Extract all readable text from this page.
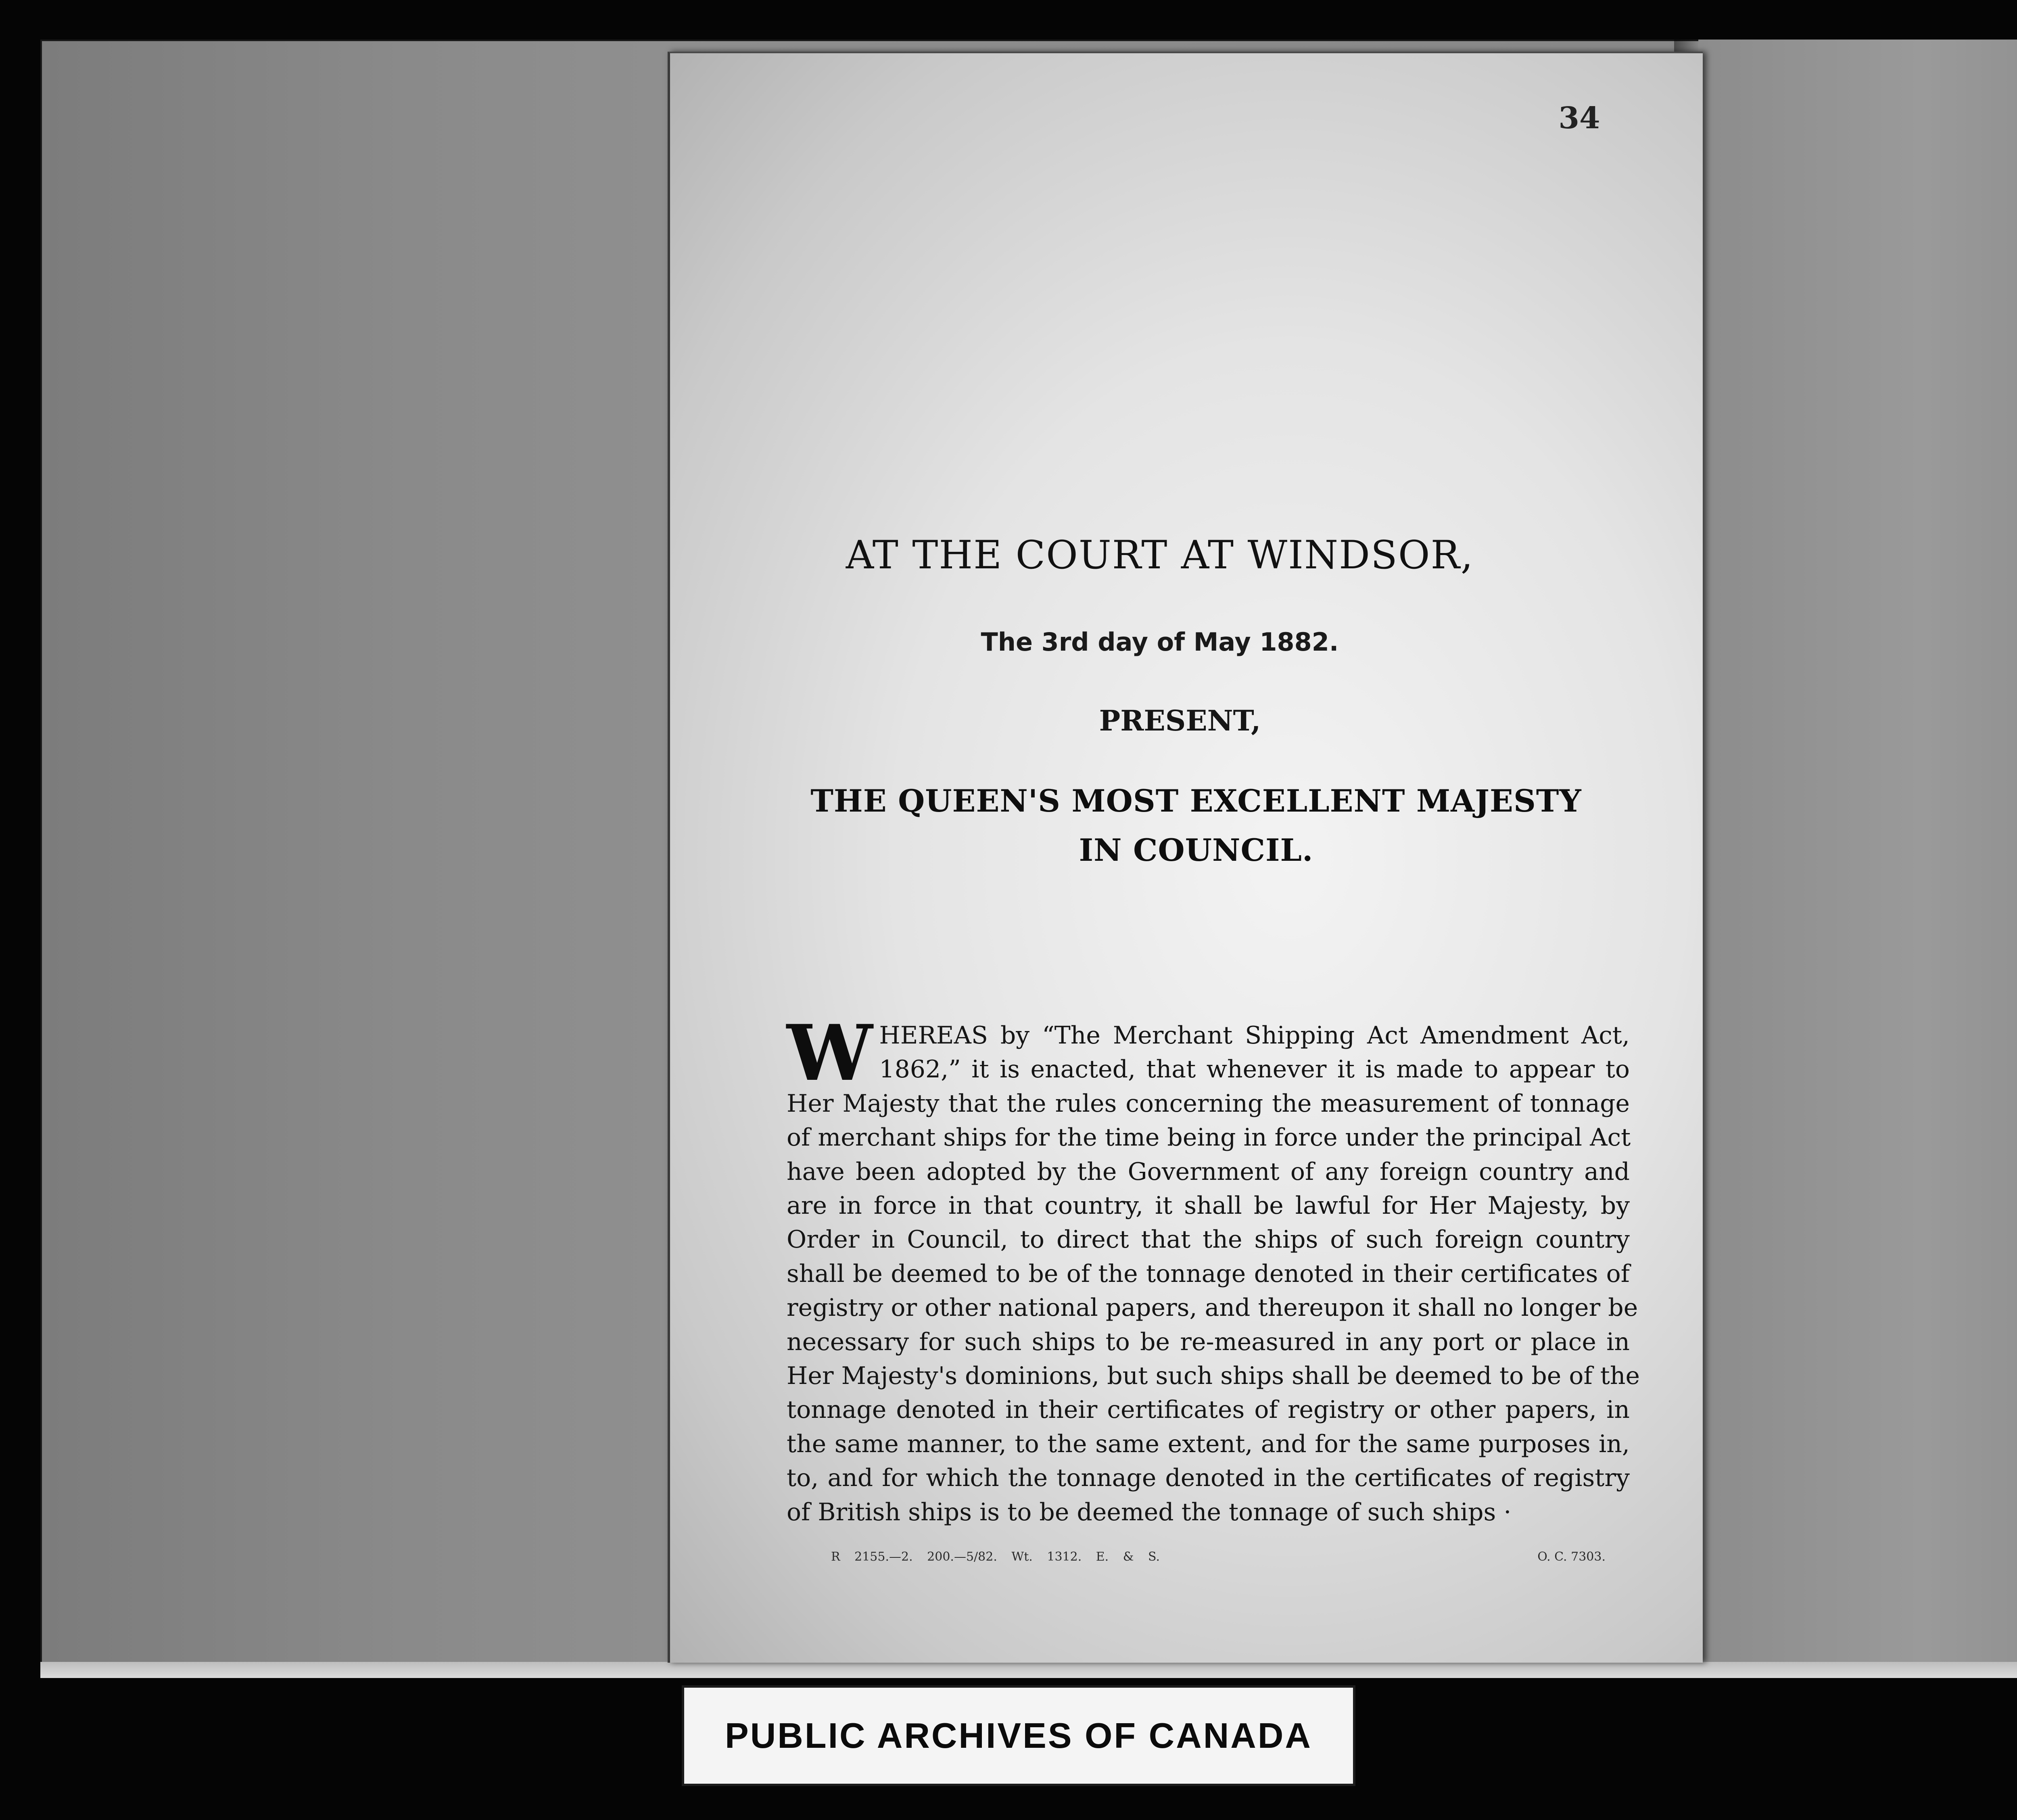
34
AT THE COURT AT WINDSOR,
The 3rd day of May 1882.
PRESENT,
THE QUEEN'S MOST EXCELLENT MAJESTY
IN COUNCIL.
W HEREAS by “The Merchant Shipping Act Amendment Act,
1862,” it is enacted, that whenever it is made to appear to
Her Majesty that the rules concerning the measurement of tonnage
of merchant ships for the time being in force under the principal Act
have been adopted by the Government of any foreign country and
are in force in that country, it shall be lawful for Her Majesty, by
Order in Council, to direct that the ships of such foreign country
shall be deemed to be of the tonnage denoted in their certificates of
registry or other national papers, and thereupon it shall no longer be
necessary for such ships to be re-measured in any port or place in
Her Majesty's dominions, but such ships shall be deemed to be of the
tonnage denoted in their certificates of registry or other papers, in
the same manner, to the same extent, and for the same purposes in,
to, and for which the tonnage denoted in the certificates of registry
of British ships is to be deemed the tonnage of such ships ·
R 2155.—2. 200.—5/82. Wt. 1312. E. & S.	O. C. 7303.
PUBLIC ARCHIVES OF CANADA
